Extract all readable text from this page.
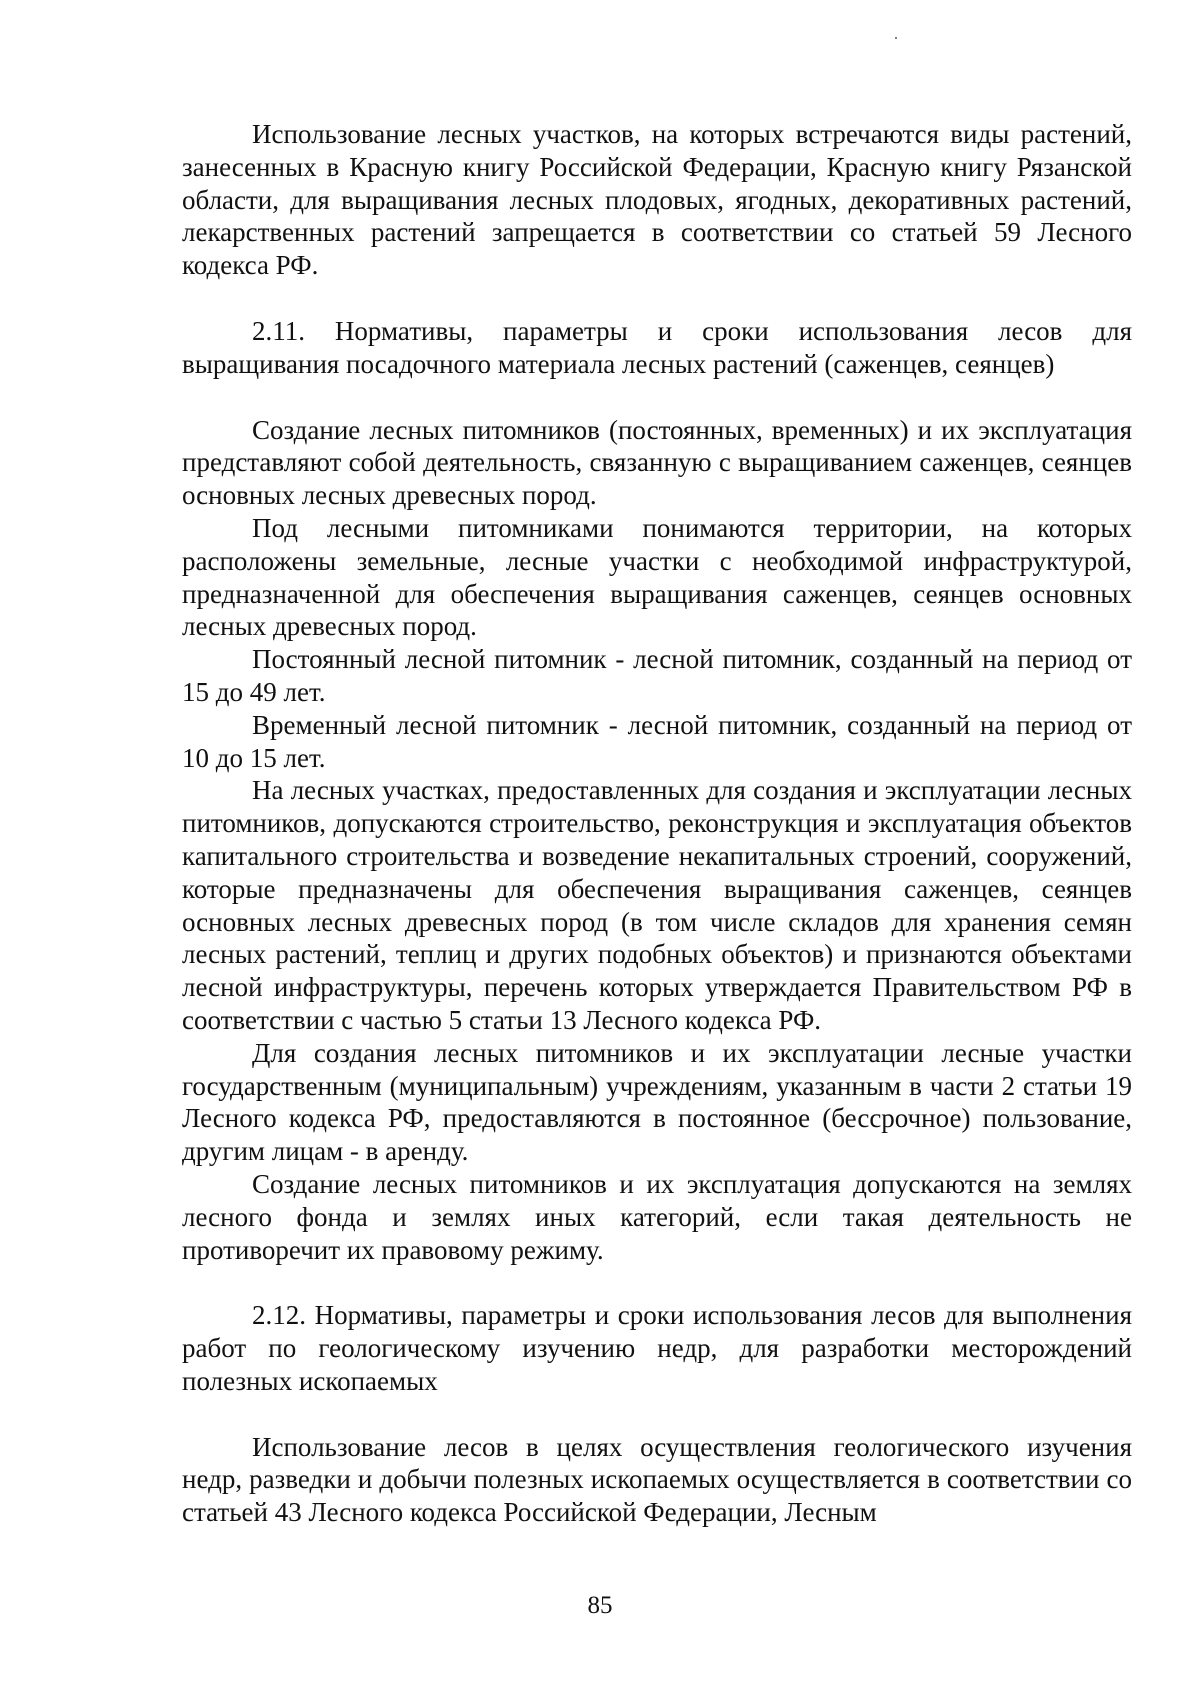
Использование лесных участков, на которых встречаются виды растений, занесенных в Красную книгу Российской Федерации, Красную книгу Рязанской области, для выращивания лесных плодовых, ягодных, декоративных растений, лекарственных растений запрещается в соответствии со статьей 59 Лесного кодекса РФ.

2.11. Нормативы, параметры и сроки использования лесов для выращивания посадочного материала лесных растений (саженцев, сеянцев)

Создание лесных питомников (постоянных, временных) и их эксплуатация представляют собой деятельность, связанную с выращиванием саженцев, сеянцев основных лесных древесных пород.

Под лесными питомниками понимаются территории, на которых расположены земельные, лесные участки с необходимой инфраструктурой, предназначенной для обеспечения выращивания саженцев, сеянцев основных лесных древесных пород.

Постоянный лесной питомник - лесной питомник, созданный на период от 15 до 49 лет.

Временный лесной питомник - лесной питомник, созданный на период от 10 до 15 лет.

На лесных участках, предоставленных для создания и эксплуатации лесных питомников, допускаются строительство, реконструкция и эксплуатация объектов капитального строительства и возведение некапитальных строений, сооружений, которые предназначены для обеспечения выращивания саженцев, сеянцев основных лесных древесных пород (в том числе складов для хранения семян лесных растений, теплиц и других подобных объектов) и признаются объектами лесной инфраструктуры, перечень которых утверждается Правительством РФ в соответствии с частью 5 статьи 13 Лесного кодекса РФ.

Для создания лесных питомников и их эксплуатации лесные участки государственным (муниципальным) учреждениям, указанным в части 2 статьи 19 Лесного кодекса РФ, предоставляются в постоянное (бессрочное) пользование, другим лицам - в аренду.

Создание лесных питомников и их эксплуатация допускаются на землях лесного фонда и землях иных категорий, если такая деятельность не противоречит их правовому режиму.

2.12. Нормативы, параметры и сроки использования лесов для выполнения работ по геологическому изучению недр, для разработки месторождений полезных ископаемых

Использование лесов в целях осуществления геологического изучения недр, разведки и добычи полезных ископаемых осуществляется в соответствии со статьей 43 Лесного кодекса Российской Федерации, Лесным

85
